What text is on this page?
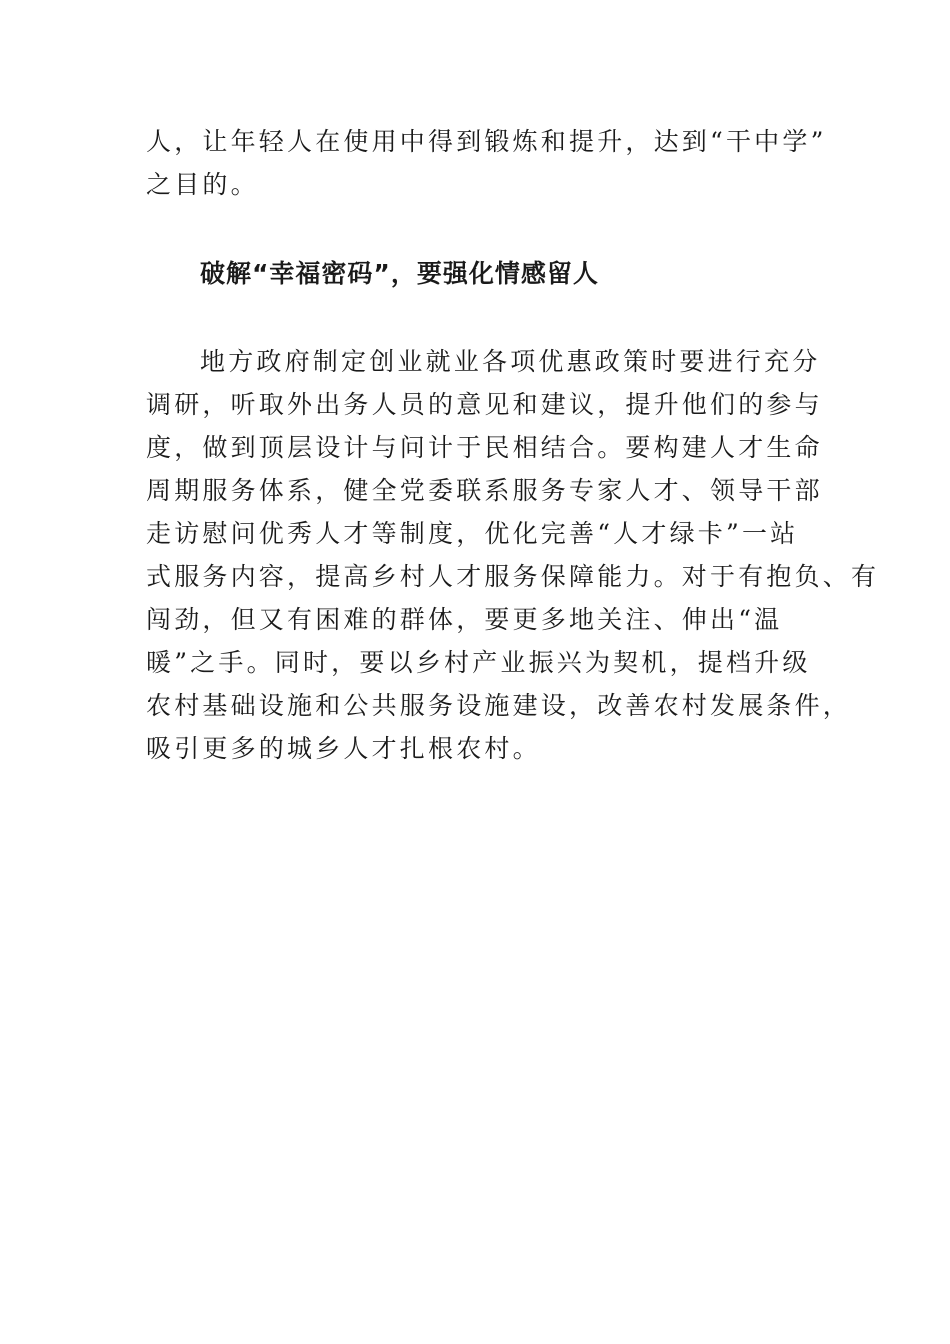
人，让年轻人在使用中得到锻炼和提升，达到“干中学”
之目的。
破解“幸福密码”，要强化情感留人
地方政府制定创业就业各项优惠政策时要进行充分
调研，听取外出务人员的意见和建议，提升他们的参与
度，做到顶层设计与问计于民相结合。要构建人才生命
周期服务体系，健全党委联系服务专家人才、领导干部
走访慰问优秀人才等制度，优化完善“人才绿卡”一站
式服务内容，提高乡村人才服务保障能力。对于有抱负、有
闯劲，但又有困难的群体，要更多地关注、伸出“温
暖”之手。同时，要以乡村产业振兴为契机，提档升级
农村基础设施和公共服务设施建设，改善农村发展条件，
吸引更多的城乡人才扎根农村。
